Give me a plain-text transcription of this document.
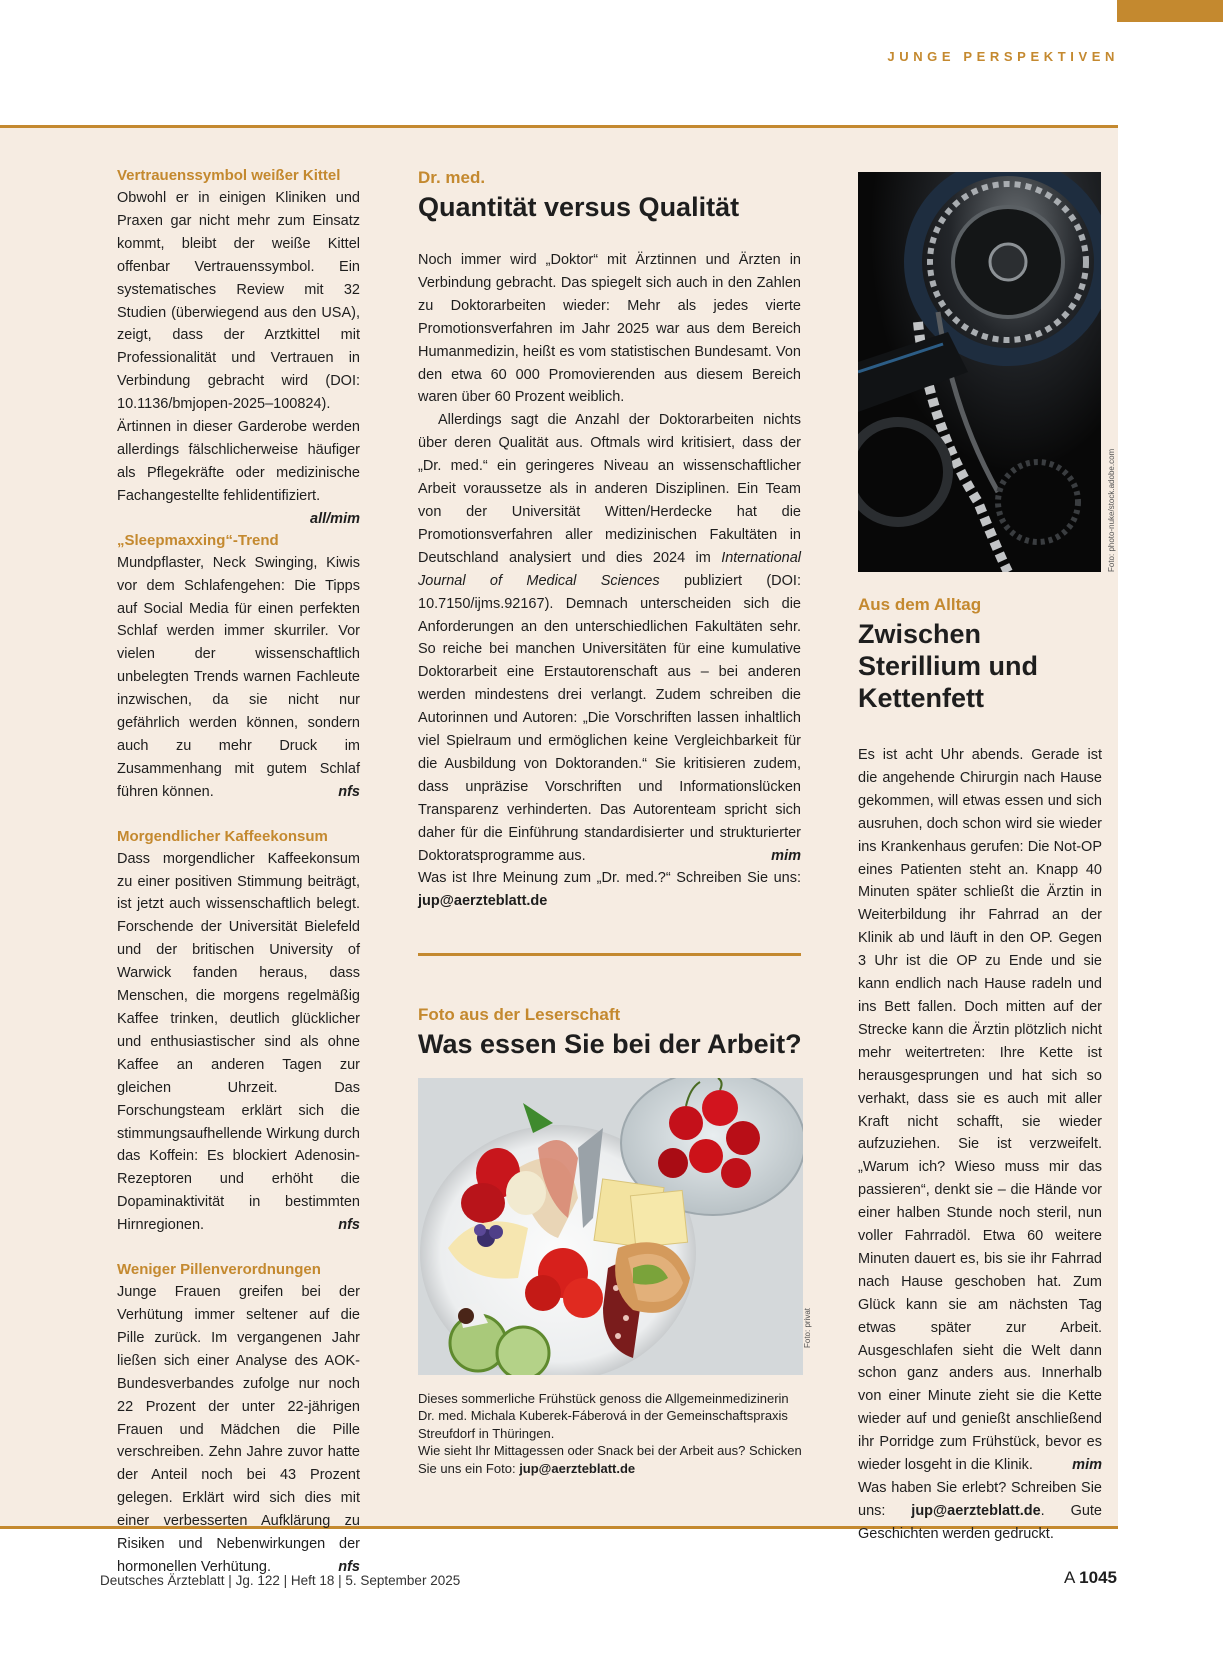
JUNGE PERSPEKTIVEN
Vertrauenssymbol weißer Kittel
Obwohl er in einigen Kliniken und Praxen gar nicht mehr zum Einsatz kommt, bleibt der weiße Kittel offenbar Vertrauenssymbol. Ein systematisches Review mit 32 Studien (überwiegend aus den USA), zeigt, dass der Arztkittel mit Professionalität und Vertrauen in Verbindung gebracht wird (DOI: 10.1136/bmjopen-2025–100824). Ärtinnen in dieser Garderobe werden allerdings fälschlicherweise häufiger als Pflegekräfte oder medizinische Fachangestellte fehlidentifiziert.
all/mim
„Sleepmaxxing“-Trend
Mundpflaster, Neck Swinging, Kiwis vor dem Schlafengehen: Die Tipps auf Social Media für einen perfekten Schlaf werden immer skurriler. Vor vielen der wissenschaftlich unbelegten Trends warnen Fachleute inzwischen, da sie nicht nur gefährlich werden können, sondern auch zu mehr Druck im Zusammenhang mit gutem Schlaf führen können.	nfs
Morgendlicher Kaffeekonsum
Dass morgendlicher Kaffeekonsum zu einer positiven Stimmung beiträgt, ist jetzt auch wissenschaftlich belegt. Forschende der Universität Bielefeld und der britischen University of Warwick fanden heraus, dass Menschen, die morgens regelmäßig Kaffee trinken, deutlich glücklicher und enthusiastischer sind als ohne Kaffee an anderen Tagen zur gleichen Uhrzeit. Das Forschungsteam erklärt sich die stimmungsaufhellende Wirkung durch das Koffein: Es blockiert Adenosin-Rezeptoren und erhöht die Dopaminaktivität in bestimmten Hirnregionen.	nfs
Weniger Pillenverordnungen
Junge Frauen greifen bei der Verhütung immer seltener auf die Pille zurück. Im vergangenen Jahr ließen sich einer Analyse des AOK-Bundesverbandes zufolge nur noch 22 Prozent der unter 22-jährigen Frauen und Mädchen die Pille verschreiben. Zehn Jahre zuvor hatte der Anteil noch bei 43 Prozent gelegen. Erklärt wird sich dies mit einer verbesserten Aufklärung zu Risiken und Nebenwirkungen der hormonellen Verhütung.	nfs
Dr. med.
Quantität versus Qualität

Noch immer wird „Doktor“ mit Ärztinnen und Ärzten in Verbindung gebracht. Das spiegelt sich auch in den Zahlen zu Doktorarbeiten wieder: Mehr als jedes vierte Promotionsverfahren im Jahr 2025 war aus dem Bereich Humanmedizin, heißt es vom statistischen Bundesamt. Von den etwa 60 000 Promovierenden aus diesem Bereich waren über 60 Prozent weiblich.

Allerdings sagt die Anzahl der Doktorarbeiten nichts über deren Qualität aus. Oftmals wird kritisiert, dass der „Dr. med.“ ein geringeres Niveau an wissenschaftlicher Arbeit voraussetze als in anderen Disziplinen. Ein Team von der Universität Witten/Herdecke hat die Promotionsverfahren aller medizinischen Fakultäten in Deutschland analysiert und dies 2024 im International Journal of Medical Sciences publiziert (DOI: 10.7150/ijms.92167). Demnach unterscheiden sich die Anforderungen an den unterschiedlichen Fakultäten sehr. So reiche bei manchen Universitäten für eine kumulative Doktorarbeit eine Erstautorenschaft aus – bei anderen werden mindestens drei verlangt. Zudem schreiben die Autorinnen und Autoren: „Die Vorschriften lassen inhaltlich viel Spielraum und ermöglichen keine Vergleichbarkeit für die Ausbildung von Doktoranden.“ Sie kritisieren zudem, dass unpräzise Vorschriften und Informationslücken Transparenz verhinderten. Das Autorenteam spricht sich daher für die Einführung standardisierter und strukturierter Doktoratsprogramme aus.	mim

Was ist Ihre Meinung zum „Dr. med.?“ Schreiben Sie uns: jup@aerzteblatt.de
Foto aus der Leserschaft
Was essen Sie bei der Arbeit?
Dieses sommerliche Frühstück genoss die Allgemeinmedizinerin Dr. med. Michala Kuberek-Fáberová in der Gemeinschaftspraxis Streufdorf in Thüringen.
Wie sieht Ihr Mittagessen oder Snack bei der Arbeit aus? Schicken Sie uns ein Foto: jup@aerzteblatt.de
Foto: privat
Aus dem Alltag
Zwischen Sterillium und Kettenfett
Es ist acht Uhr abends. Gerade ist die angehende Chirurgin nach Hause gekommen, will etwas essen und sich ausruhen, doch schon wird sie wieder ins Krankenhaus gerufen: Die Not-OP eines Patienten steht an. Knapp 40 Minuten später schließt die Ärztin in Weiterbildung ihr Fahrrad an der Klinik ab und läuft in den OP. Gegen 3 Uhr ist die OP zu Ende und sie kann endlich nach Hause radeln und ins Bett fallen. Doch mitten auf der Strecke kann die Ärztin plötzlich nicht mehr weitertreten: Ihre Kette ist herausgesprungen und hat sich so verhakt, dass sie es auch mit aller Kraft nicht schafft, sie wieder aufzuziehen. Sie ist verzweifelt. „Warum ich? Wieso muss mir das passieren“, denkt sie – die Hände vor einer halben Stunde noch steril, nun voller Fahrradöl. Etwa 60 weitere Minuten dauert es, bis sie ihr Fahrrad nach Hause geschoben hat. Zum Glück kann sie am nächsten Tag etwas später zur Arbeit. Ausgeschlafen sieht die Welt dann schon ganz anders aus. Innerhalb von einer Minute zieht sie die Kette wieder auf und genießt anschließend ihr Porridge zum Frühstück, bevor es wieder losgeht in die Klinik.	mim
Was haben Sie erlebt? Schreiben Sie uns: jup@aerzteblatt.de. Gute Geschichten werden gedruckt.
Foto: photo-nuke/stock.adobe.com
Deutsches Ärzteblatt | Jg. 122 | Heft 18 | 5. September 2025	A 1045
